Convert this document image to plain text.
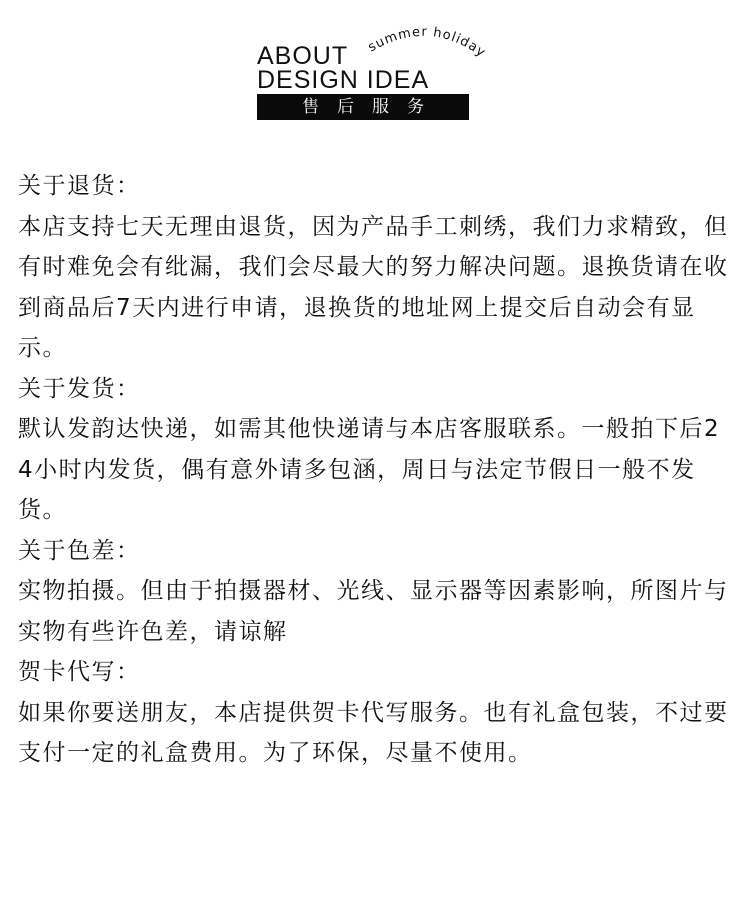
summer holiday
ABOUT
DESIGN IDEA
售后服务

关于退货：

本店支持七天无理由退货，因为产品手工刺绣，我们力求精致，但有时难免会有纰漏，我们会尽最大的努力解决问题。退换货请在收到商品后7天内进行申请，退换货的地址网上提交后自动会有显示。

关于发货：

默认发韵达快递，如需其他快递请与本店客服联系。一般拍下后24小时内发货，偶有意外请多包涵，周日与法定节假日一般不发货。

关于色差：

实物拍摄。但由于拍摄器材、光线、显示器等因素影响，所图片与实物有些许色差，请谅解

贺卡代写：

如果你要送朋友，本店提供贺卡代写服务。也有礼盒包装，不过要支付一定的礼盒费用。为了环保，尽量不使用。
